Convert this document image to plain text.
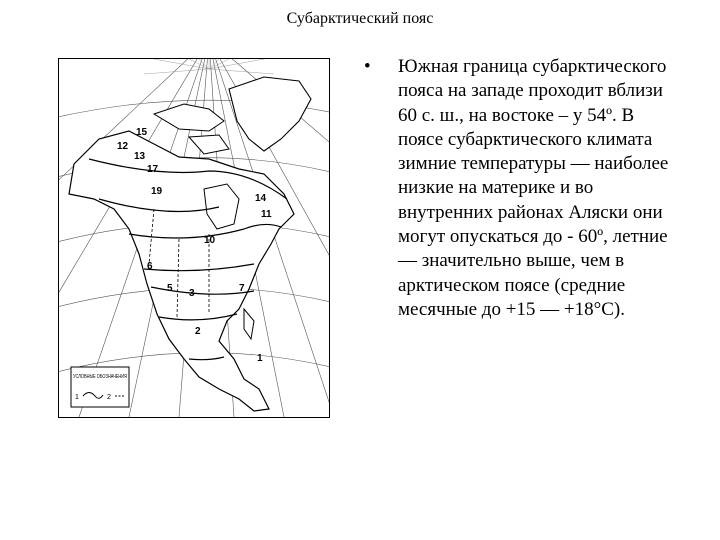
Субарктический пояс
15
12
13
17
19
14
11
10
6
5 3	7
2
1
УСЛОВНЫЕ ОБОЗНАЧЕНИЯ
1	2
• Южная граница субарктического пояса на западе проходит вблизи 60 с. ш., на востоке – у 54º. В поясе субарктического климата зимние температуры — наиболее низкие на материке и во внутренних районах Аляски они могут опускаться до - 60º, летние — значительно выше, чем в арктическом поясе (средние месячные до +15 — +18°С).
